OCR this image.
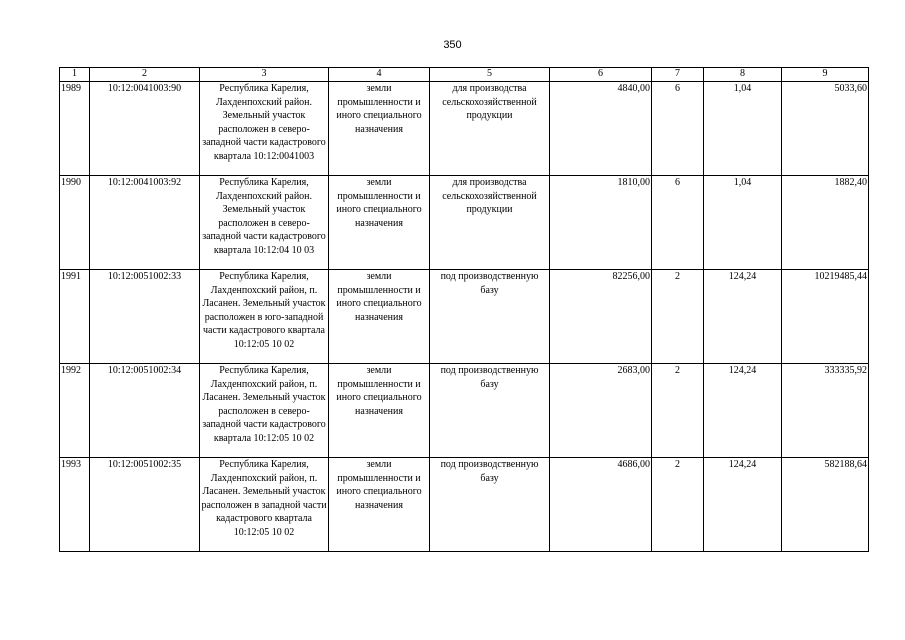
350
1	2	3	4	5	6	7	8	9
1989	10:12:0041003:90	Республика Карелия, Лахденпохский район. Земельный участок расположен в северо-западной части кадастрового квартала 10:12:0041003	земли промышленности и иного специального назначения	для производства сельскохозяйственной продукции	4840,00	6	1,04	5033,60
1990	10:12:0041003:92	Республика Карелия, Лахденпохский район. Земельный участок расположен в северо-западной части кадастрового квартала 10:12:04 10 03	земли промышленности и иного специального назначения	для производства сельскохозяйственной продукции	1810,00	6	1,04	1882,40
1991	10:12:0051002:33	Республика Карелия, Лахденпохский район, п. Ласанен. Земельный участок расположен в юго-западной части кадастрового квартала 10:12:05 10 02	земли промышленности и иного специального назначения	под производственную базу	82256,00	2	124,24	10219485,44
1992	10:12:0051002:34	Республика Карелия, Лахденпохский район, п. Ласанен. Земельный участок расположен в северо-западной части кадастрового квартала 10:12:05 10 02	земли промышленности и иного специального назначения	под производственную базу	2683,00	2	124,24	333335,92
1993	10:12:0051002:35	Республика Карелия, Лахденпохский район, п. Ласанен. Земельный участок расположен в западной части кадастрового квартала 10:12:05 10 02	земли промышленности и иного специального назначения	под производственную базу	4686,00	2	124,24	582188,64
